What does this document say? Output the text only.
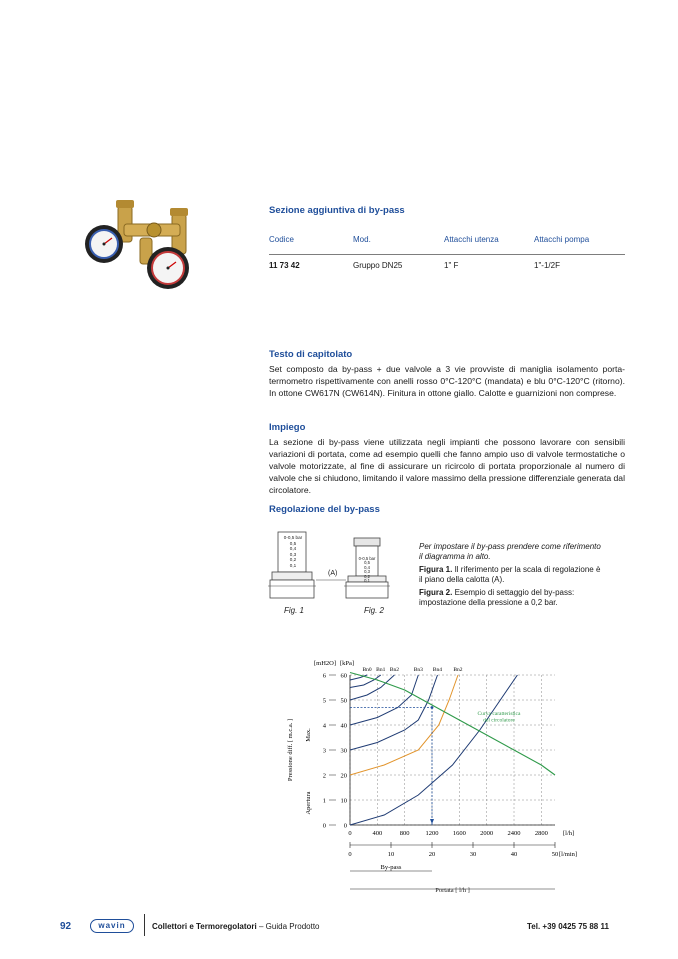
Sezione aggiuntiva di by-pass
Codice	Mod.	Attacchi utenza	Attacchi pompa
11 73 42	Gruppo DN25	1" F	1"-1/2F
Testo di capitolato

Set composto da by-pass + due valvole a 3 vie provviste di maniglia isolamento porta-termometro rispettivamente con anelli rosso 0°C-120°C (mandata) e blu 0°C-120°C (ritorno). In ottone CW617N (CW614N). Finitura in ottone giallo. Calotte e guarnizioni non comprese.

Impiego

La sezione di by-pass viene utilizzata negli impianti che possono lavorare con sensibili variazioni di portata, come ad esempio quelli che fanno ampio uso di valvole termostatiche o valvole motorizzate, al fine di assicurare un ricircolo di portata proporzionale al numero di valvole che si chiudono, limitando il valore massimo della pressione differenziale generata dal circolatore.

Regolazione del by-pass
0-0,5 bar
0,5
0,4
0,3
0,2
0,1
0-0,5 bar
0,5
0,4
0,3
0,2
0,1
(A)
Fig. 1	Fig. 2
Per impostare il by-pass prendere come riferimento il diagramma in alto.
Figura 1. Il riferimento per la scala di regolazione è il piano della calotta (A).
Figura 2. Esempio di settaggio del by-pass: impostazione della pressione a 0,2 bar.
0	0
1 10
2 20
3 30
4 40
5 50
6 60
[mH2O] [kPa]
0	400	800 1200 1600 2000 2400 2800 [l/h]
0	10	20	30	40	50 [l/min]
By-pass
Portata [ l/h ]
Pressione diff. [ m.c.a. ] Max.
Apertura
Bn2
Bn4
Bn3
Bn2
Bn1
Bn0
Curva caratteristica
del circolatore
92	wavin	Collettori e Termoregolatori – Guida Prodotto	Tel. +39 0425 75 88 11
